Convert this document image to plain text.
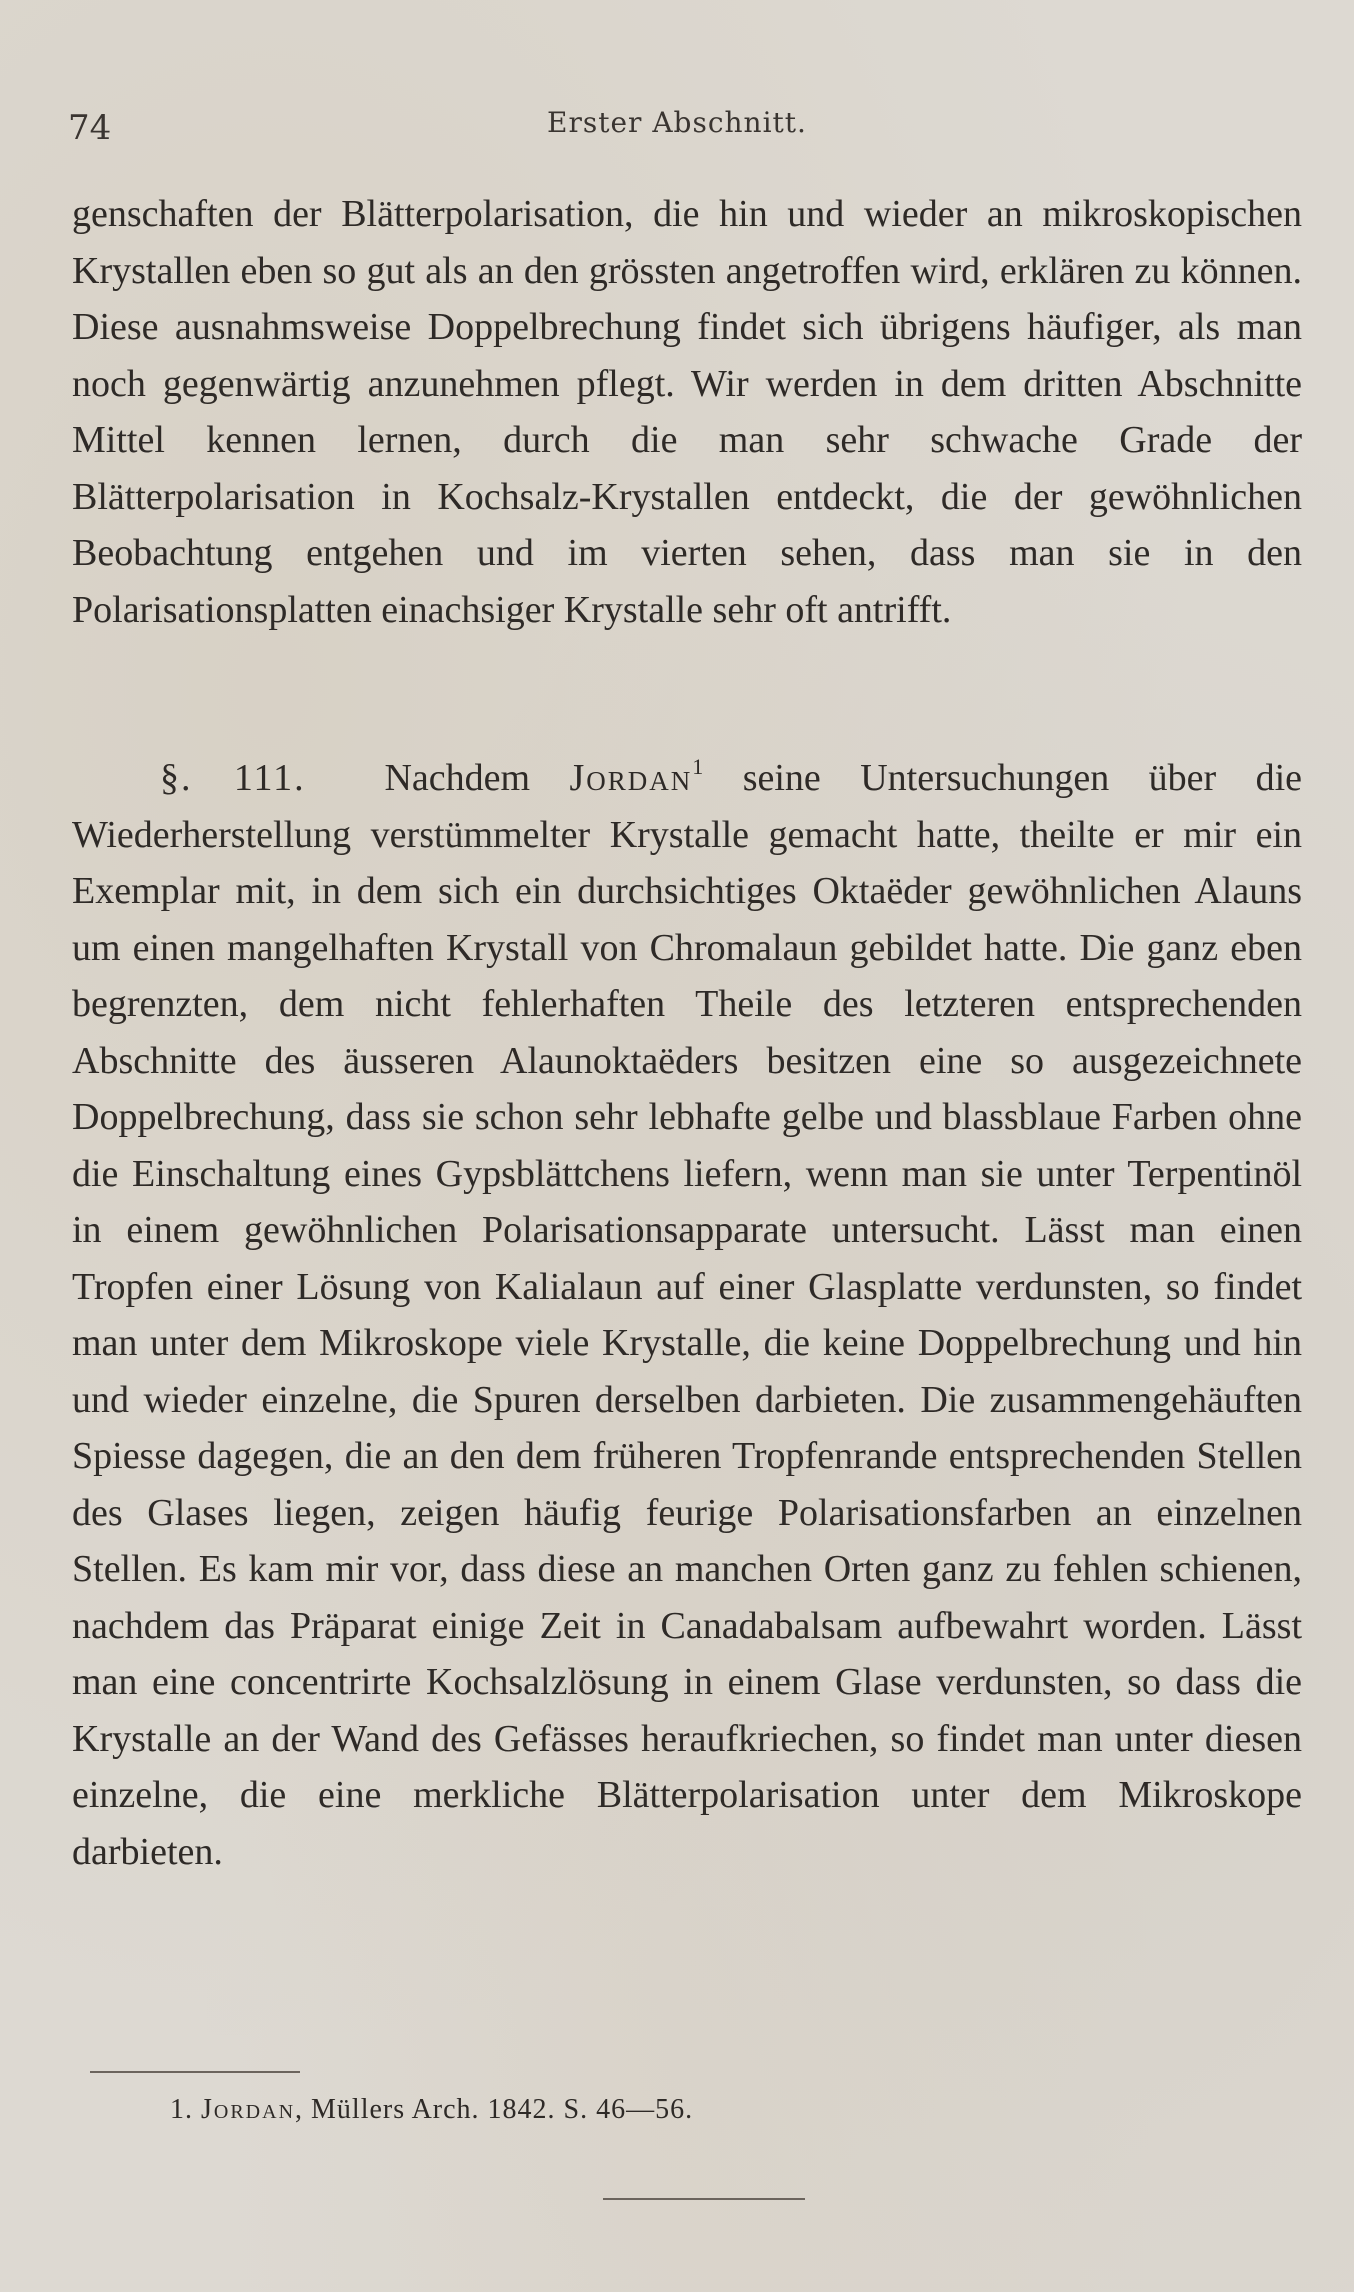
74	Erster Abschnitt.
genschaften der Blätterpolarisation, die hin und wieder an mikroskopischen Krystallen eben so gut als an den grössten angetroffen wird, erklären zu können. Diese ausnahmsweise Doppelbrechung findet sich übrigens häufiger, als man noch gegenwärtig anzunehmen pflegt. Wir werden in dem dritten Abschnitte Mittel kennen lernen, durch die man sehr schwache Grade der Blätterpolarisation in Kochsalz-Krystallen entdeckt, die der gewöhnlichen Beobachtung entgehen und im vierten sehen, dass man sie in den Polarisationsplatten einachsiger Krystalle sehr oft antrifft.
§. 111. Nachdem Jordan$^1$ seine Untersuchungen über die Wiederherstellung verstümmelter Krystalle gemacht hatte, theilte er mir ein Exemplar mit, in dem sich ein durchsichtiges Oktaëder gewöhnlichen Alauns um einen mangelhaften Krystall von Chromalaun gebildet hatte. Die ganz eben begrenzten, dem nicht fehlerhaften Theile des letzteren entsprechenden Abschnitte des äusseren Alaunoktaëders besitzen eine so ausgezeichnete Doppelbrechung, dass sie schon sehr lebhafte gelbe und blassblaue Farben ohne die Einschaltung eines Gypsblättchens liefern, wenn man sie unter Terpentinöl in einem gewöhnlichen Polarisationsapparate untersucht. Lässt man einen Tropfen einer Lösung von Kalialaun auf einer Glasplatte verdunsten, so findet man unter dem Mikroskope viele Krystalle, die keine Doppelbrechung und hin und wieder einzelne, die Spuren derselben darbieten. Die zusammengehäuften Spiesse dagegen, die an den dem früheren Tropfenrande entsprechenden Stellen des Glases liegen, zeigen häufig feurige Polarisationsfarben an einzelnen Stellen. Es kam mir vor, dass diese an manchen Orten ganz zu fehlen schienen, nachdem das Präparat einige Zeit in Canadabalsam aufbewahrt worden. Lässt man eine concentrirte Kochsalzlösung in einem Glase verdunsten, so dass die Krystalle an der Wand des Gefässes heraufkriechen, so findet man unter diesen einzelne, die eine merkliche Blätterpolarisation unter dem Mikroskope darbieten.
1. Jordan, Müllers Arch. 1842. S. 46—56.
